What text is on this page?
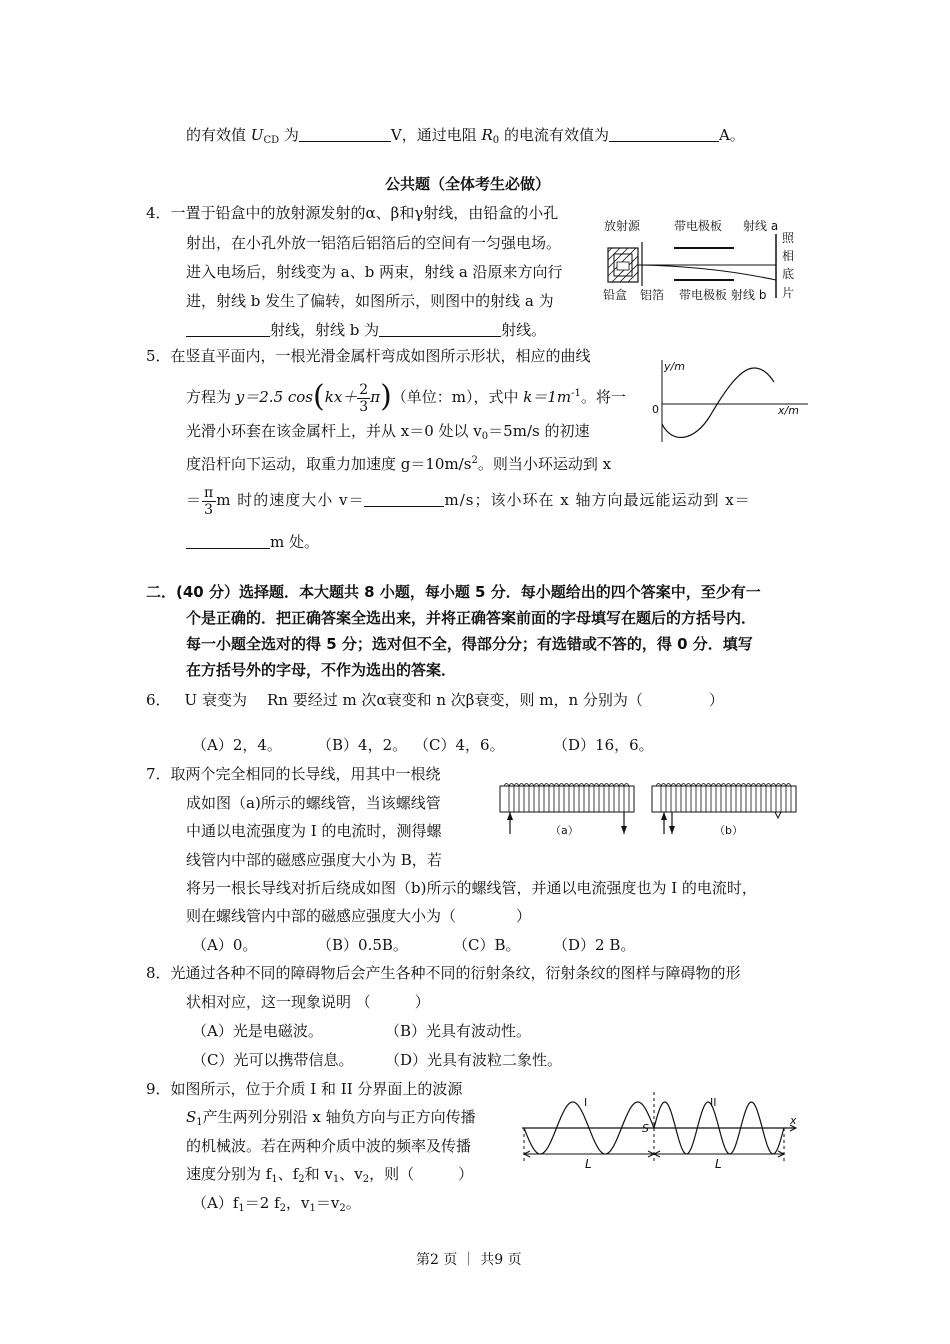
的有效值 $U_{CD}$ 为	V，通过电阻 $R_0$ 的电流有效值为	A。
公共题（全体考生必做）
4．一置于铅盒中的放射源发射的α、β和γ射线，由铅盒的小孔
射出，在小孔外放一铝箔后铝箔后的空间有一匀强电场。
进入电场后，射线变为 a、b 两束，射线 a 沿原来方向行
进，射线 b 发生了偏转，如图所示，则图中的射线 a 为
射线，射线 b 为	射线。
放射源	带电极板 射线 a
照
相
底
片
铅盒 铝箔 带电极板 射线 b
5．在竖直平面内，一根光滑金属杆弯成如图所示形状，相应的曲线
方程为 y＝2.5 $\cos(kx+ \frac{2}{3} \pi)$（单位：m），式中 $k=1m^{-1}$。将一
光滑小环套在该金属杆上，并从 x＝0 处以 $v_0=5m/s$ 的初速
度沿杆向下运动，取重力加速度 $g=10m/s^2$。则当小环运动到 x
＝ $\frac{\pi}{3}$ m 时的速度大小 v＝	m/s；该小环在 x 轴方向最远能运动到 x＝
m 处。
y/m
x/m
0
二．(40 分）选择题．本大题共 8 小题，每小题 5 分．每小题给出的四个答案中，至少有一
个是正确的．把正确答案全选出来，并将正确答案前面的字母填写在题后的方括号内．
每一小题全选对的得 5 分；选对但不全，得部分分；有选错或不答的，得 0 分．填写
在方括号外的字母，不作为选出的答案．
6． U 衰变为 Rn 要经过 m 次α衰变和 n 次β衰变，则 m，n 分别为（	）
（A）2，4。 （B）4，2。 （C）4，6。	（D）16，6。
7．取两个完全相同的长导线，用其中一根绕
成如图（a)所示的螺线管，当该螺线管
中通以电流强度为 I 的电流时，测得螺
线管内中部的磁感应强度大小为 B，若
将另一根长导线对折后绕成如图（b)所示的螺线管，并通以电流强度也为 I 的电流时，
则在螺线管内中部的磁感应强度大小为（	）
（A）0。	（B）0.5B。	（C）B。 （D）2 B。
（a）	（b）
8．光通过各种不同的障碍物后会产生各种不同的衍射条纹，衍射条纹的图样与障碍物的形
状相对应，这一现象说明 （	）
（A）光是电磁波。	（B）光具有波动性。
（C）光可以携带信息。 （D）光具有波粒二象性。
9．如图所示，位于介质 I 和 II 分界面上的波源
$S_1$产生两列分别沿 x 轴负方向与正方向传播
的机械波。若在两种介质中波的频率及传播
速度分别为 $f_1$、$f_2$和 $v_1$、$v_2$，则（	）
$(A)f_1=2$ $f_2$，$v_1=v_2$。
x
I	II
S
L	L
第2 页 ｜ 共9 页
